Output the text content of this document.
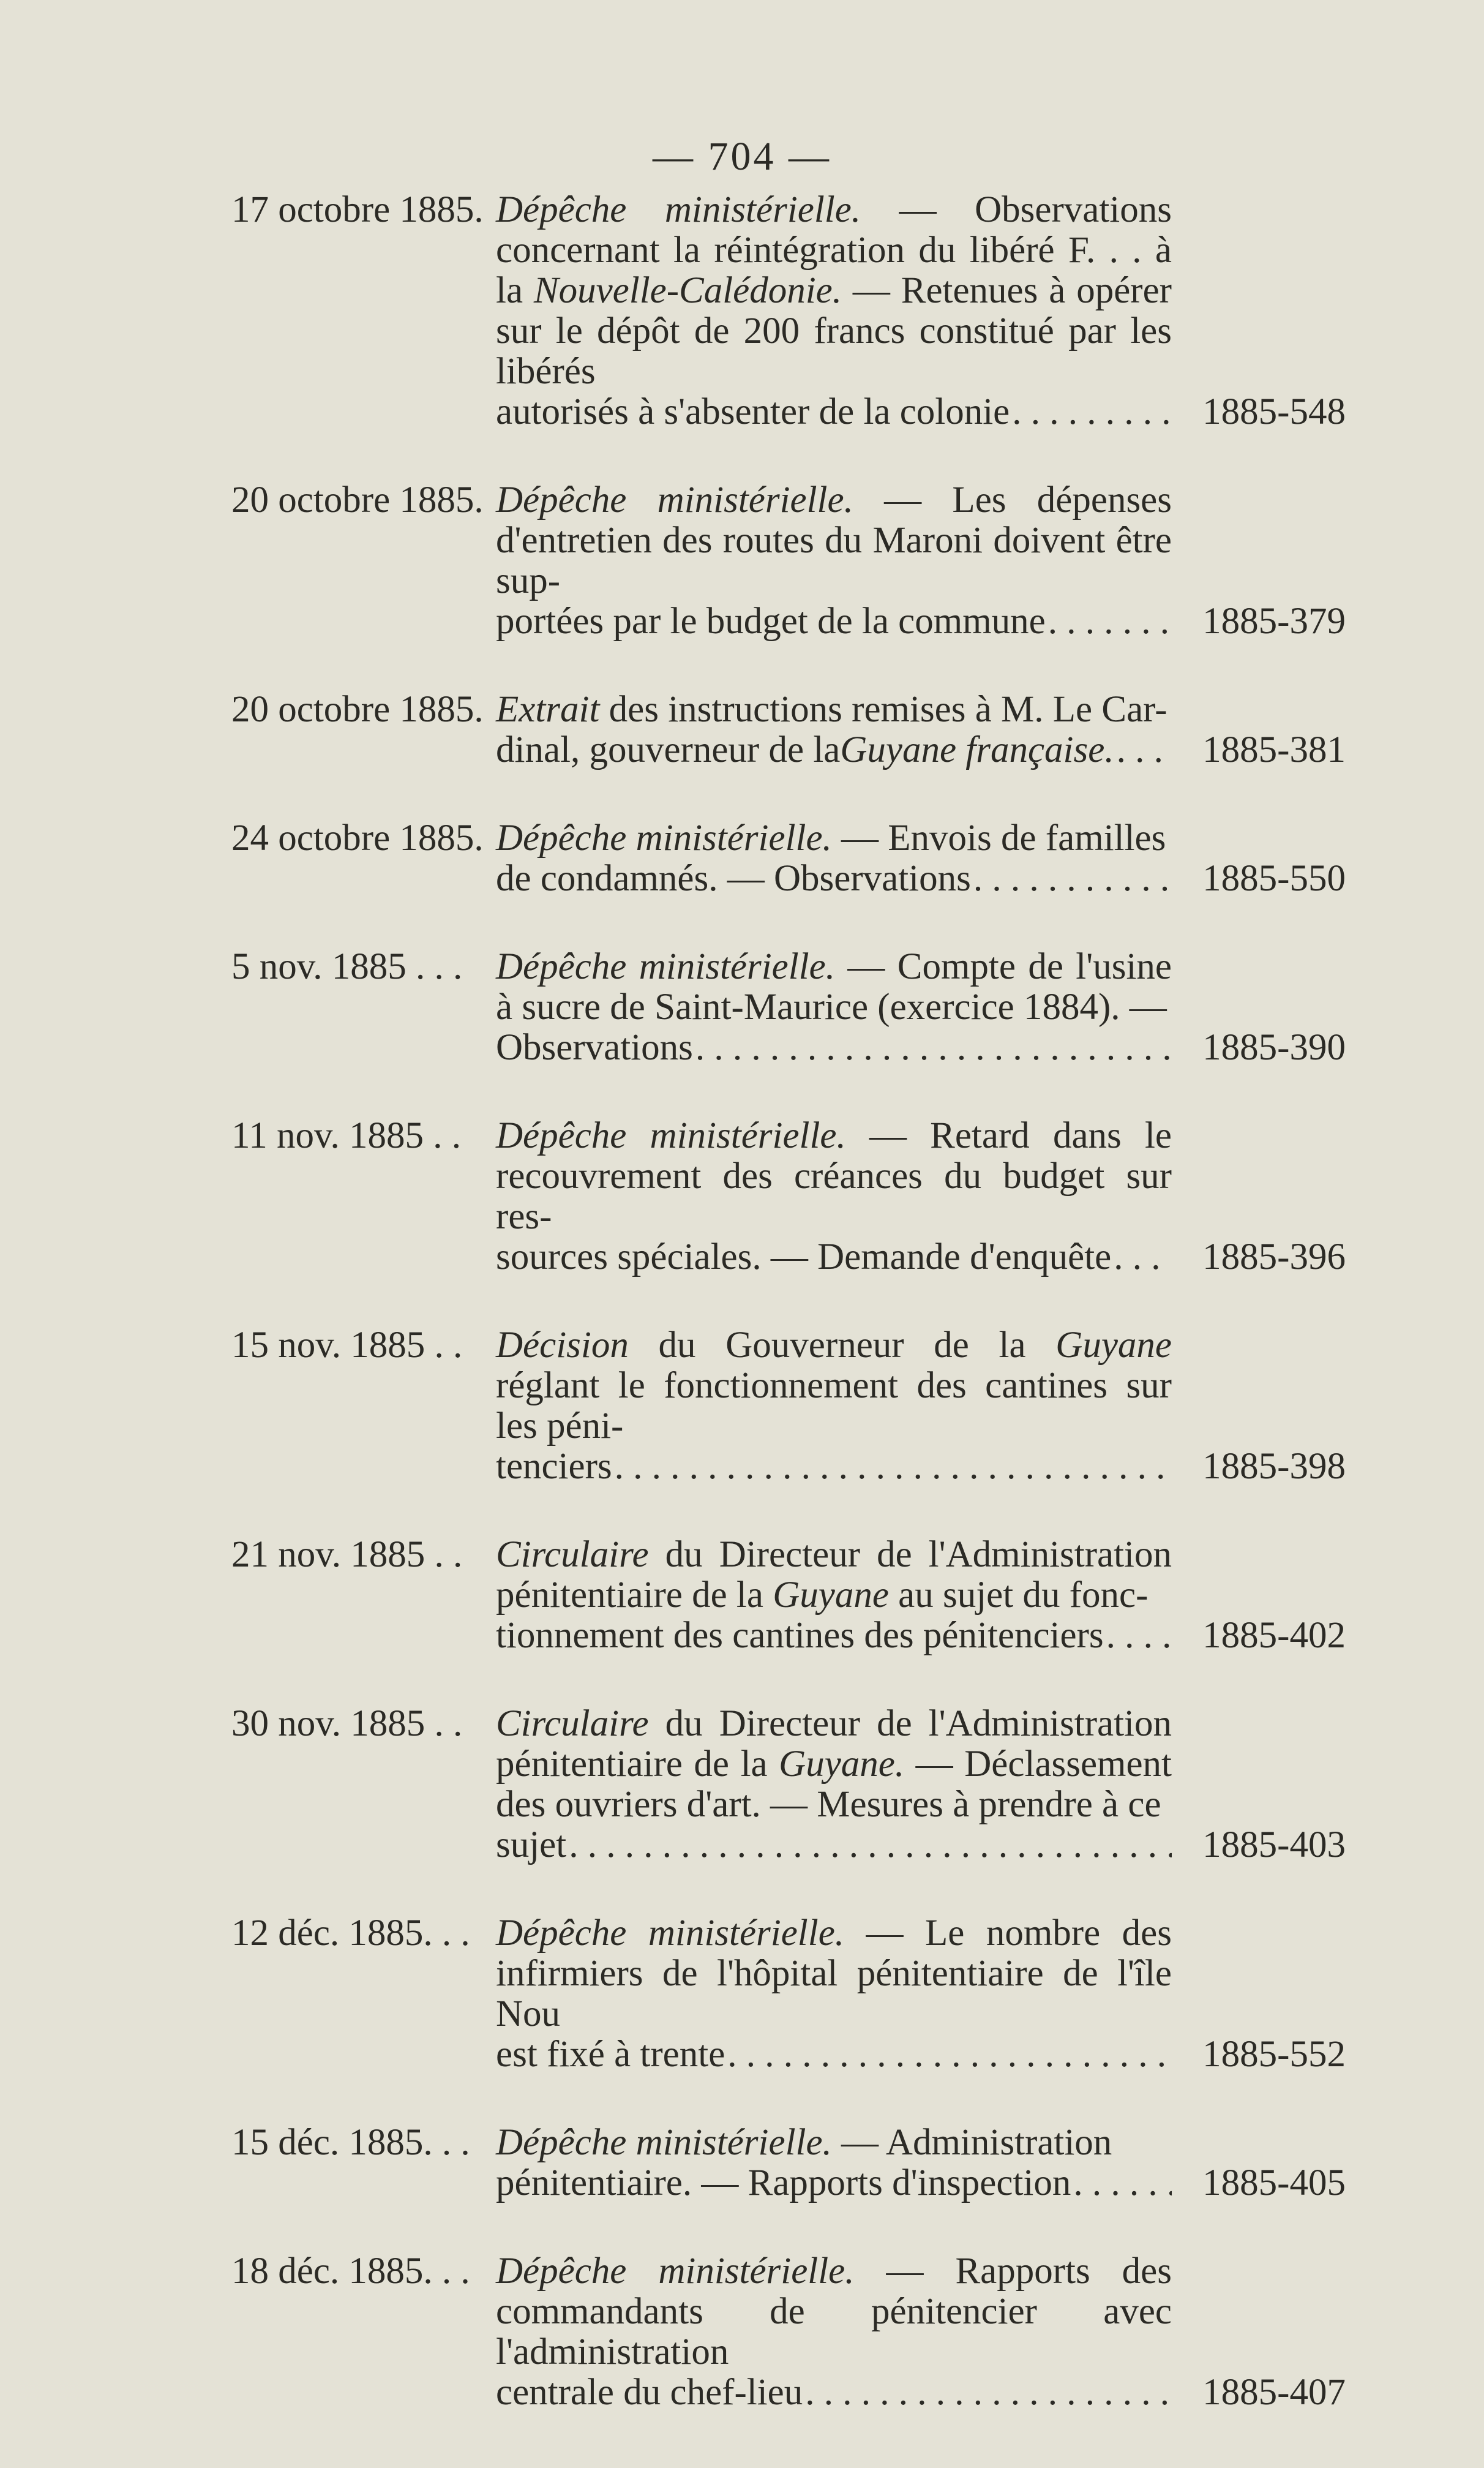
— 704 —
17 octobre 1885. Dépêche ministérielle. — Observations concernant la réintégration du libéré F. . . à la Nouvelle-Calédonie. — Retenues à opérer sur le dépôt de 200 francs constitué par les libérés
autorisés à s'absenter de la colonie . . .	1885-548
20 octobre 1885. Dépêche ministérielle. — Les dépenses d'entretien des routes du Maroni doivent être sup-
portées par le budget de la commune . . .	1885-379
20 octobre 1885. Extrait des instructions remises à M. Le Car-
dinal, gouverneur de la Guyane française. . . .	1885-381
24 octobre 1885. Dépêche ministérielle. — Envois de familles
de condamnés. — Observations . . .	1885-550
5 nov. 1885 . . . Dépêche ministérielle. — Compte de l'usine à sucre de Saint-Maurice (exercice 1884). —
Observations . . .	1885-390
11 nov. 1885 . . Dépêche ministérielle. — Retard dans le recouvrement des créances du budget sur res-
sources spéciales. — Demande d'enquête . . .	1885-396
15 nov. 1885 . . Décision du Gouverneur de la Guyane réglant le fonctionnement des cantines sur les péni-
tenciers . . .	1885-398
21 nov. 1885 . . Circulaire du Directeur de l'Administration pénitentiaire de la Guyane au sujet du fonc-
tionnement des cantines des pénitenciers . . .	1885-402
30 nov. 1885 . . Circulaire du Directeur de l'Administration pénitentiaire de la Guyane. — Déclassement des ouvriers d'art. — Mesures à prendre à ce
sujet . . .	1885-403
12 déc. 1885. . . Dépêche ministérielle. — Le nombre des infirmiers de l'hôpital pénitentiaire de l'île Nou
est fixé à trente . . .	1885-552
15 déc. 1885. . . Dépêche ministérielle. — Administration
pénitentiaire. — Rapports d'inspection . . .	1885-405
18 déc. 1885. . . Dépêche ministérielle. — Rapports des commandants de pénitencier avec l'administration
centrale du chef-lieu . . .	1885-407
